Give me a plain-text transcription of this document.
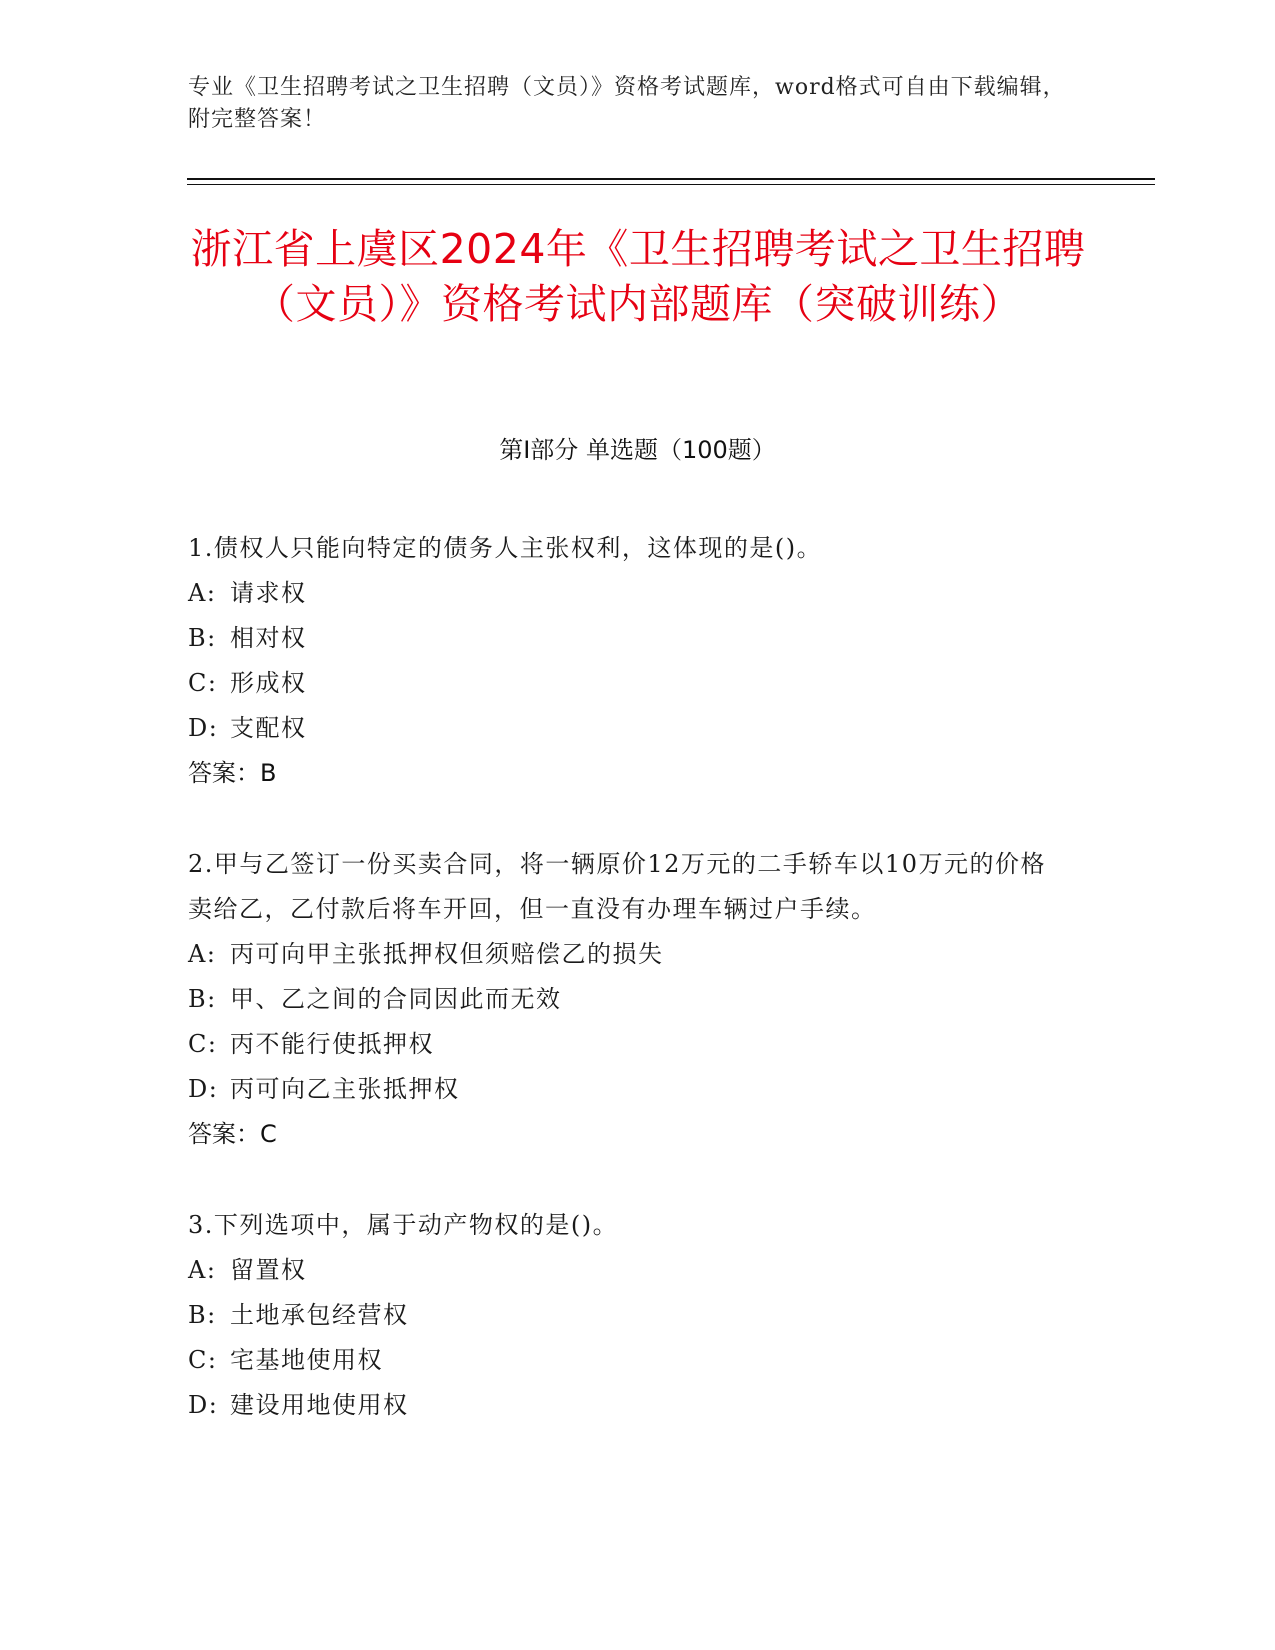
专业《卫生招聘考试之卫生招聘（文员）》资格考试题库，word格式可自由下载编辑，附完整答案！
浙江省上虞区2024年《卫生招聘考试之卫生招聘（文员）》资格考试内部题库（突破训练）
第Ⅰ部分 单选题（100题）
1.债权人只能向特定的债务人主张权利，这体现的是()。
A: 请求权
B: 相对权
C: 形成权
D: 支配权
答案：B
2.甲与乙签订一份买卖合同，将一辆原价12万元的二手轿车以10万元的价格卖给乙，乙付款后将车开回，但一直没有办理车辆过户手续。
A: 丙可向甲主张抵押权但须赔偿乙的损失
B: 甲、乙之间的合同因此而无效
C: 丙不能行使抵押权
D: 丙可向乙主张抵押权
答案：C
3.下列选项中，属于动产物权的是()。
A: 留置权
B: 土地承包经营权
C: 宅基地使用权
D: 建设用地使用权
